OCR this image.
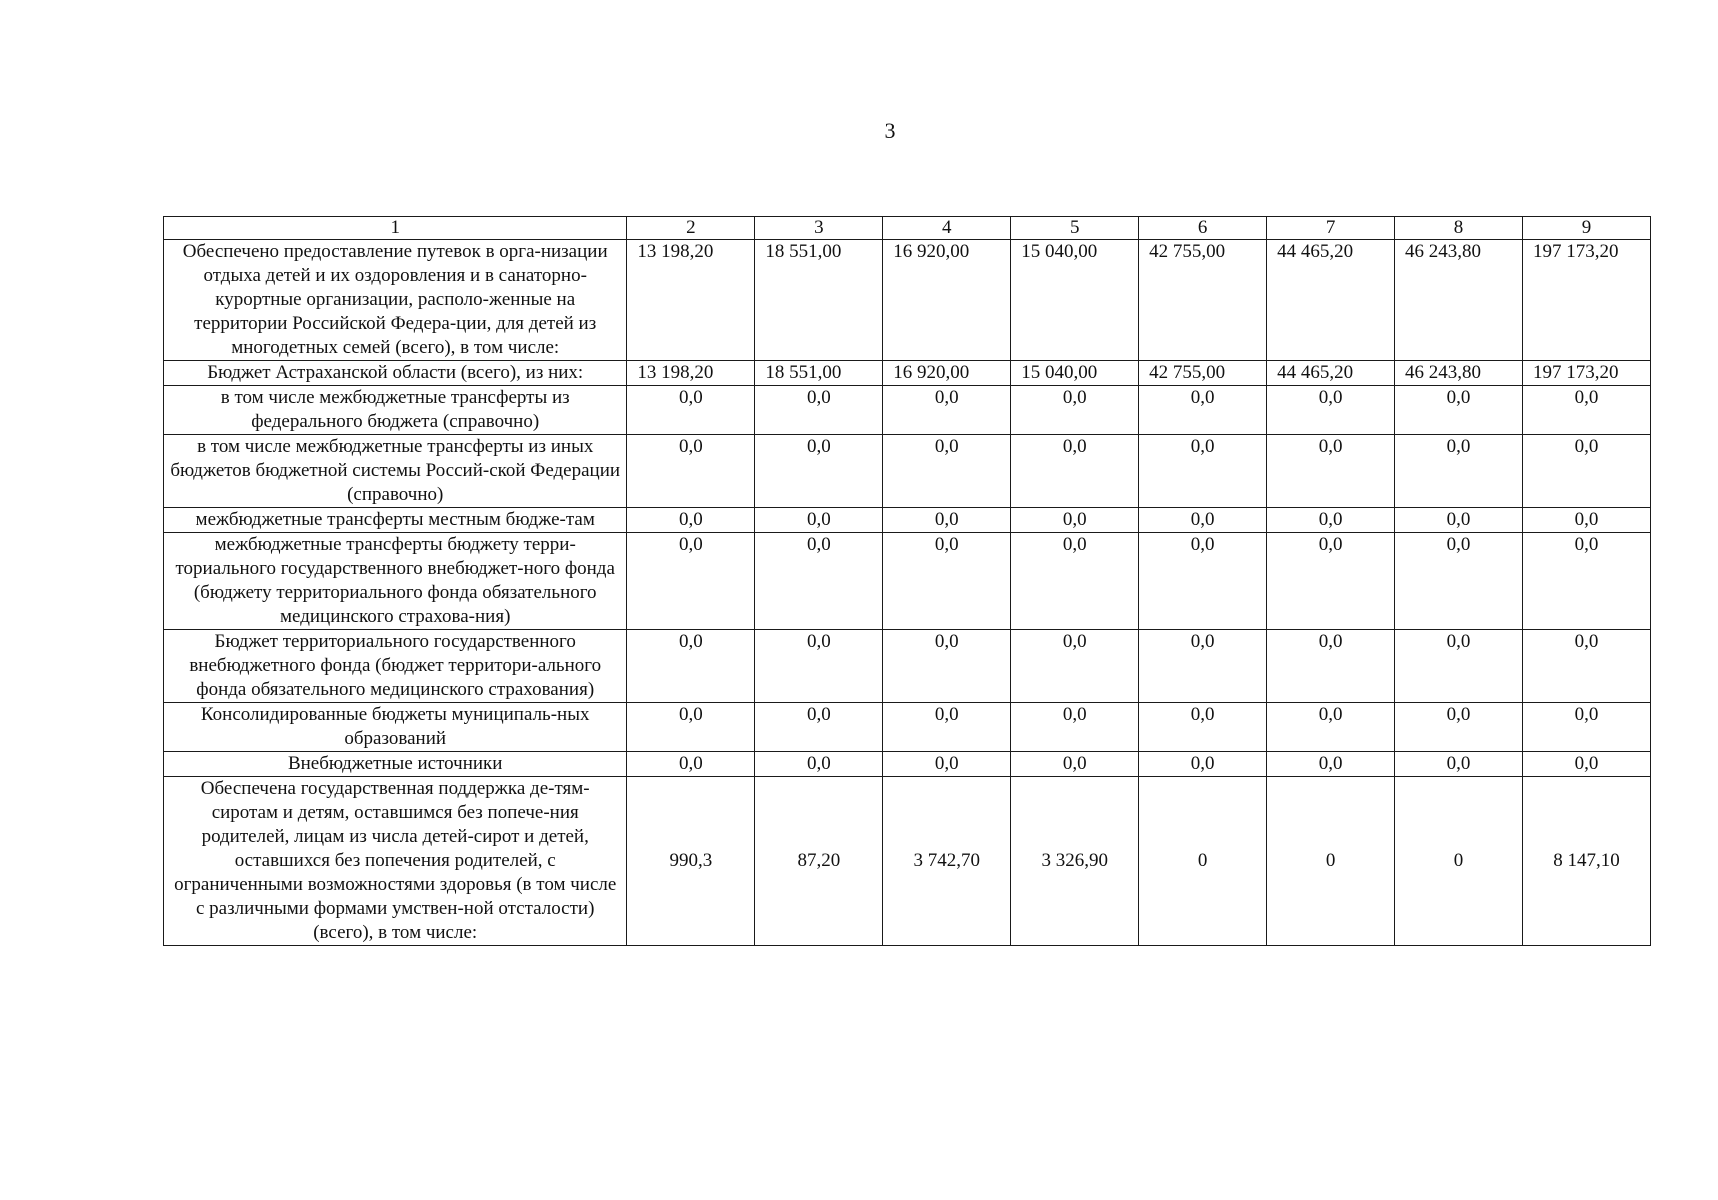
3
1	2	3	4	5	6	7	8	9
Обеспечено предоставление путевок в орга-низации отдыха детей и их оздоровления и в санаторно-курортные организации, располо-женные на территории Российской Федера-ции, для детей из многодетных семей (всего), в том числе:	13 198,20	18 551,00	16 920,00	15 040,00	42 755,00	44 465,20	46 243,80	197 173,20
Бюджет Астраханской области (всего), из них:	13 198,20	18 551,00	16 920,00	15 040,00	42 755,00	44 465,20	46 243,80	197 173,20
в том числе межбюджетные трансферты из федерального бюджета (справочно)	0,0	0,0	0,0	0,0	0,0	0,0	0,0	0,0
в том числе межбюджетные трансферты из иных бюджетов бюджетной системы Россий-ской Федерации (справочно)	0,0	0,0	0,0	0,0	0,0	0,0	0,0	0,0
межбюджетные трансферты местным бюдже-там	0,0	0,0	0,0	0,0	0,0	0,0	0,0	0,0
межбюджетные трансферты бюджету терри-ториального государственного внебюджет-ного фонда (бюджету территориального фонда обязательного медицинского страхова-ния)	0,0	0,0	0,0	0,0	0,0	0,0	0,0	0,0
Бюджет территориального государственного внебюджетного фонда (бюджет территори-ального фонда обязательного медицинского страхования)	0,0	0,0	0,0	0,0	0,0	0,0	0,0	0,0
Консолидированные бюджеты муниципаль-ных образований	0,0	0,0	0,0	0,0	0,0	0,0	0,0	0,0
Внебюджетные источники	0,0	0,0	0,0	0,0	0,0	0,0	0,0	0,0
Обеспечена государственная поддержка де-тям-сиротам и детям, оставшимся без попече-ния родителей, лицам из числа детей-сирот и детей, оставшихся без попечения родителей, с ограниченными возможностями здоровья (в том числе с различными формами умствен-ной отсталости) (всего), в том числе:	990,3	87,20	3 742,70	3 326,90	0	0	0	8 147,10
